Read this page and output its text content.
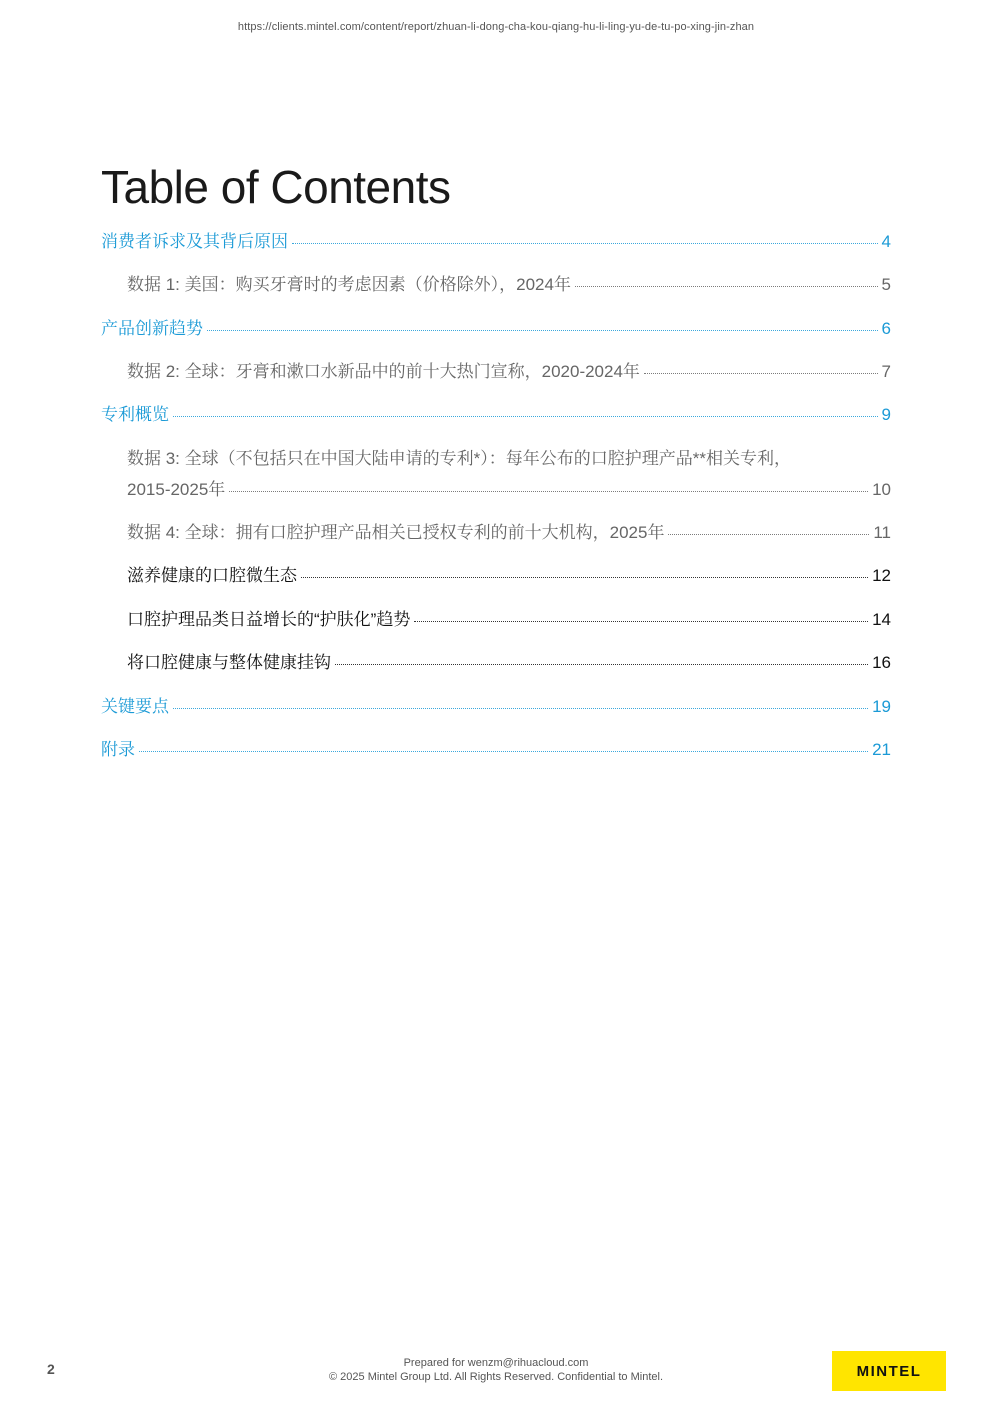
https://clients.mintel.com/content/report/zhuan-li-dong-cha-kou-qiang-hu-li-ling-yu-de-tu-po-xing-jin-zhan
Table of Contents
消费者诉求及其背后原因	4
数据 1: 美国：购买牙膏时的考虑因素（价格除外），2024年	5
产品创新趋势	6
数据 2: 全球：牙膏和漱口水新品中的前十大热门宣称，2020-2024年	7
专利概览	9
数据 3: 全球（不包括只在中国大陆申请的专利*）：每年公布的口腔护理产品**相关专利，
2015-2025年	10
数据 4: 全球：拥有口腔护理产品相关已授权专利的前十大机构，2025年	11
滋养健康的口腔微生态	12
口腔护理品类日益增长的“护肤化”趋势	14
将口腔健康与整体健康挂钩	16
关键要点	19
附录	21
2	Prepared for wenzm@rihuacloud.com
© 2025 Mintel Group Ltd. All Rights Reserved. Confidential to Mintel.	MINTEL
